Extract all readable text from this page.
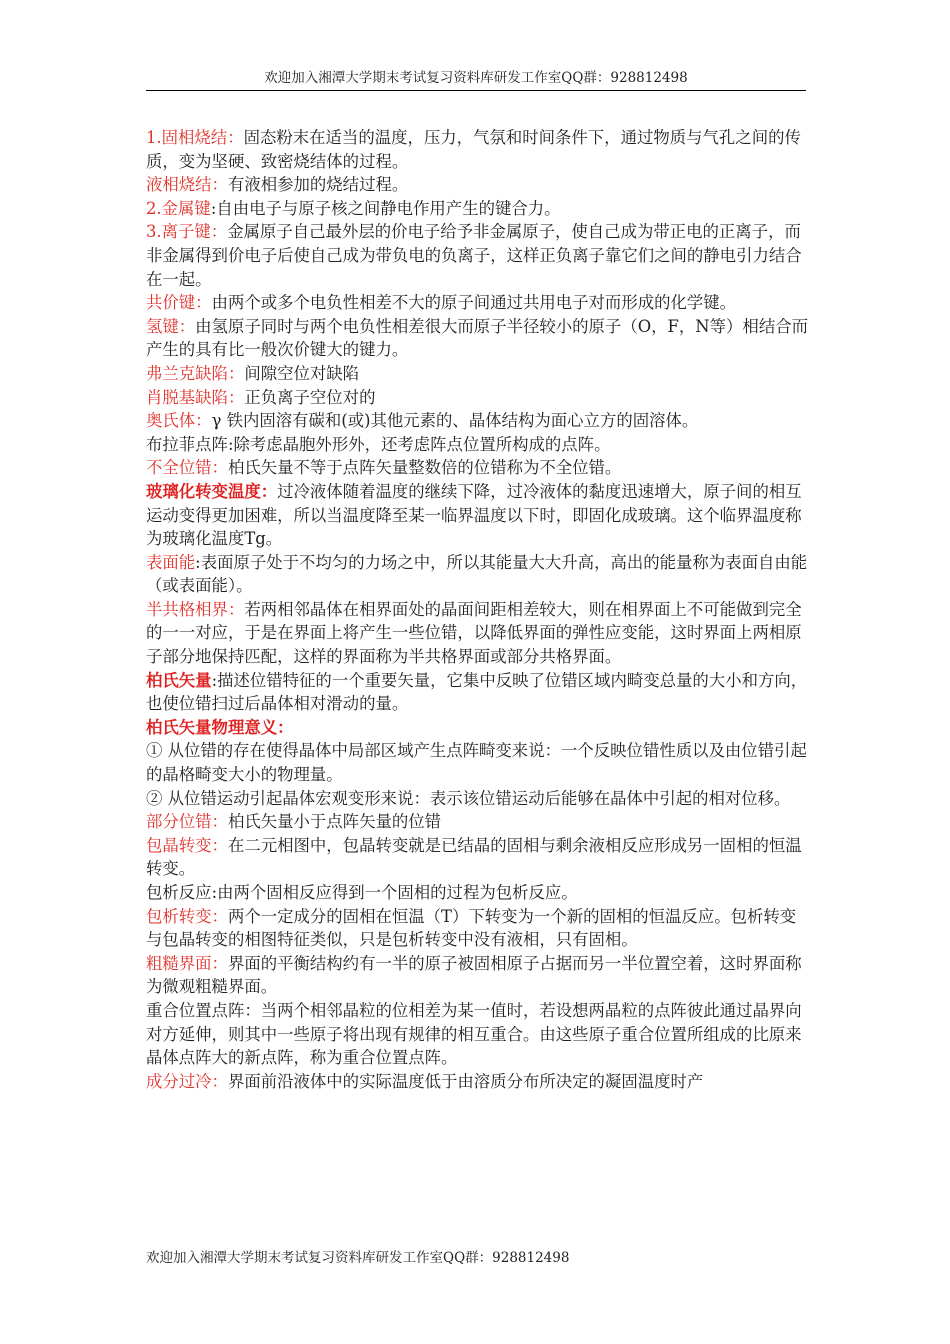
欢迎加入湘潭大学期末考试复习资料库研发工作室QQ群：928812498

1.固相烧结：固态粉末在适当的温度，压力，气氛和时间条件下，通过物质与气孔之间的传质，变为坚硬、致密烧结体的过程。

液相烧结：有液相参加的烧结过程。

2.金属键:自由电子与原子核之间静电作用产生的键合力。

3.离子键：金属原子自己最外层的价电子给予非金属原子，使自己成为带正电的正离子，而非金属得到价电子后使自己成为带负电的负离子，这样正负离子靠它们之间的静电引力结合在一起。

共价键：由两个或多个电负性相差不大的原子间通过共用电子对而形成的化学键。

氢键：由氢原子同时与两个电负性相差很大而原子半径较小的原子（O，F，N等）相结合而产生的具有比一般次价键大的键力。

弗兰克缺陷：间隙空位对缺陷

肖脱基缺陷：正负离子空位对的

奥氏体：γ 铁内固溶有碳和(或)其他元素的、晶体结构为面心立方的固溶体。

布拉菲点阵:除考虑晶胞外形外，还考虑阵点位置所构成的点阵。

不全位错：柏氏矢量不等于点阵矢量整数倍的位错称为不全位错。

玻璃化转变温度：过冷液体随着温度的继续下降，过冷液体的黏度迅速增大，原子间的相互运动变得更加困难，所以当温度降至某一临界温度以下时，即固化成玻璃。这个临界温度称为玻璃化温度Tg。

表面能:表面原子处于不均匀的力场之中，所以其能量大大升高，高出的能量称为表面自由能（或表面能）。

半共格相界：若两相邻晶体在相界面处的晶面间距相差较大，则在相界面上不可能做到完全的一一对应，于是在界面上将产生一些位错，以降低界面的弹性应变能，这时界面上两相原子部分地保持匹配，这样的界面称为半共格界面或部分共格界面。

柏氏矢量:描述位错特征的一个重要矢量，它集中反映了位错区域内畸变总量的大小和方向，也使位错扫过后晶体相对滑动的量。

柏氏矢量物理意义：

① 从位错的存在使得晶体中局部区域产生点阵畸变来说：一个反映位错性质以及由位错引起的晶格畸变大小的物理量。

② 从位错运动引起晶体宏观变形来说：表示该位错运动后能够在晶体中引起的相对位移。

部分位错：柏氏矢量小于点阵矢量的位错

包晶转变：在二元相图中，包晶转变就是已结晶的固相与剩余液相反应形成另一固相的恒温转变。

包析反应:由两个固相反应得到一个固相的过程为包析反应。

包析转变：两个一定成分的固相在恒温（T）下转变为一个新的固相的恒温反应。包析转变与包晶转变的相图特征类似，只是包析转变中没有液相，只有固相。

粗糙界面：界面的平衡结构约有一半的原子被固相原子占据而另一半位置空着，这时界面称为微观粗糙界面。

重合位置点阵：当两个相邻晶粒的位相差为某一值时，若设想两晶粒的点阵彼此通过晶界向对方延伸，则其中一些原子将出现有规律的相互重合。由这些原子重合位置所组成的比原来晶体点阵大的新点阵，称为重合位置点阵。

成分过冷：界面前沿液体中的实际温度低于由溶质分布所决定的凝固温度时产

欢迎加入湘潭大学期末考试复习资料库研发工作室QQ群：928812498
